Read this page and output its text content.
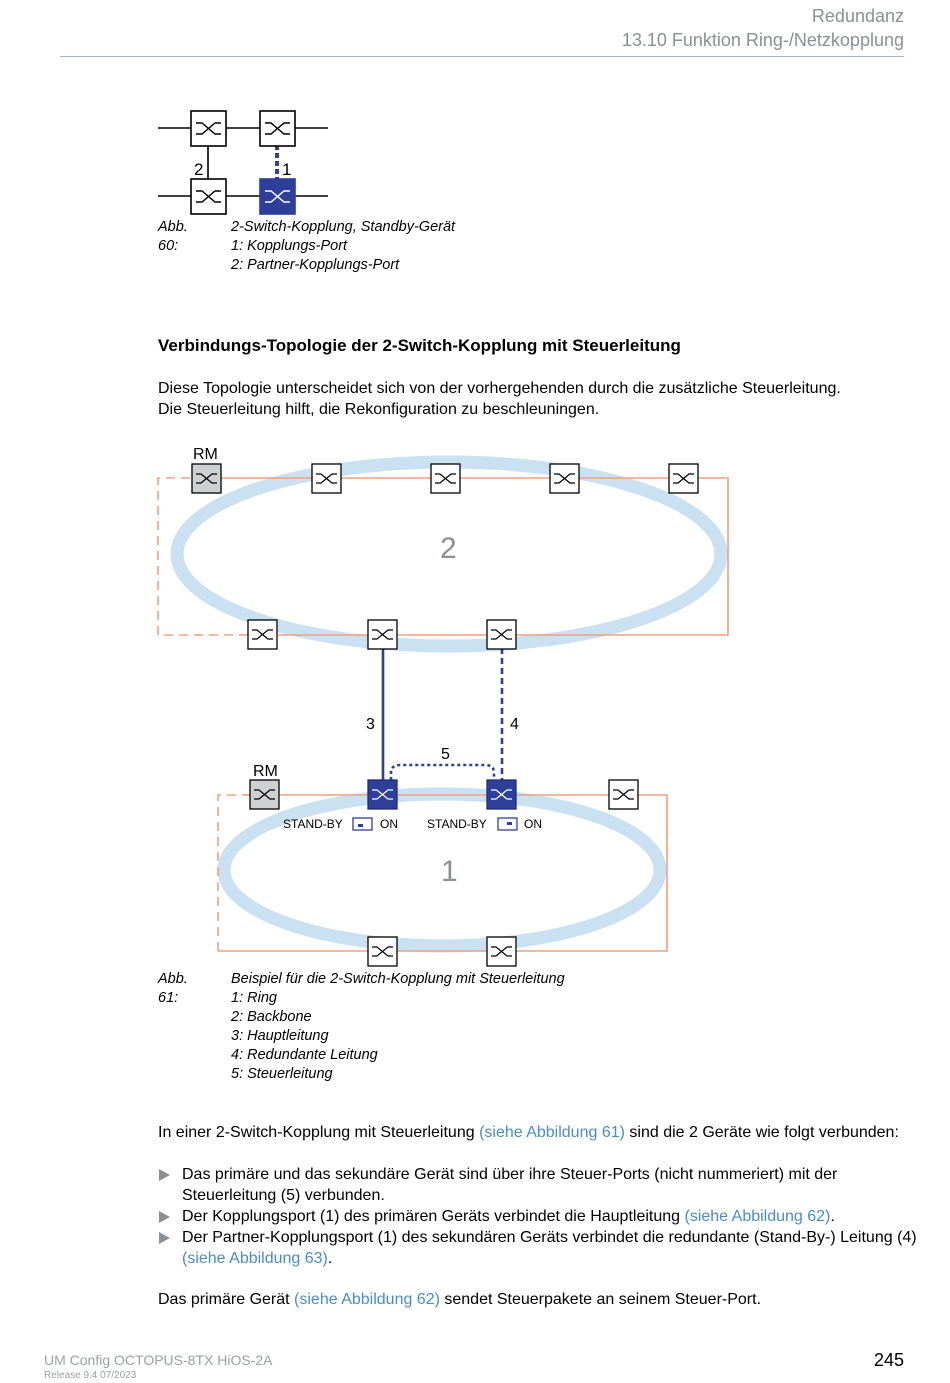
Redundanz
13.10 Funktion Ring-/Netzkopplung
2	1
Abb. 60:
2-Switch-Kopplung, Standby-Gerät
1: Kopplungs-Port
2: Partner-Kopplungs-Port
Verbindungs-Topologie der 2-Switch-Kopplung mit Steuerleitung
Diese Topologie unterscheidet sich von der vorhergehenden durch die zusätzliche Steuerleitung.
Die Steuerleitung hilft, die Rekonfiguration zu beschleuningen.
RM
RM
2
1
3	4
5
STAND-BY	ON STAND-BY	ON
Abb. 61:
Beispiel für die 2-Switch-Kopplung mit Steuerleitung
1: Ring
2: Backbone
3: Hauptleitung
4: Redundante Leitung
5: Steuerleitung
In einer 2-Switch-Kopplung mit Steuerleitung (siehe Abbildung 61) sind die 2 Geräte wie folgt verbunden:
Das primäre und das sekundäre Gerät sind über ihre Steuer-Ports (nicht nummeriert) mit der Steuerleitung (5) verbunden.
Der Kopplungsport (1) des primären Geräts verbindet die Hauptleitung (siehe Abbildung 62).
Der Partner-Kopplungsport (1) des sekundären Geräts verbindet die redundante (Stand-By-) Leitung (4) (siehe Abbildung 63).
Das primäre Gerät (siehe Abbildung 62) sendet Steuerpakete an seinem Steuer-Port.
UM Config OCTOPUS-8TX HiOS-2A
Release 9.4 07/2023
245
